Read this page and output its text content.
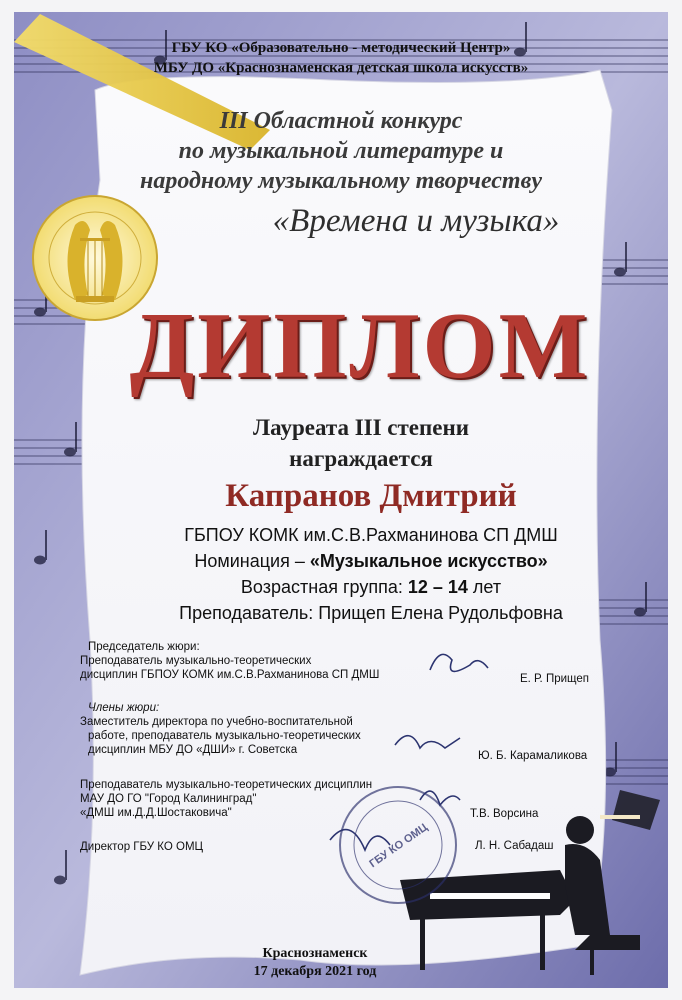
ГБУ КО «Образовательно - методический Центр»
МБУ ДО «Краснознаменская детская школа искусств»
III Областной конкурс
по музыкальной литературе и
народному музыкальному творчеству
«Времена и музыка»
ДИПЛОМ
Лауреата III степени
награждается
Капранов Дмитрий
ГБПОУ КОМК им.С.В.Рахманинова СП ДМШ
Номинация – «Музыкальное искусство»
Возрастная группа: 12 – 14 лет
Преподаватель: Прищеп Елена Рудольфовна
Председатель жюри:
Преподаватель музыкально-теоретических
дисциплин ГБПОУ КОМК им.С.В.Рахманинова СП ДМШ	Е. Р. Прищеп
Члены жюри:
Заместитель директора по учебно-воспитательной
работе, преподаватель музыкально-теоретических
дисциплин МБУ ДО «ДШИ» г. Советска	Ю. Б. Карамаликова
Преподаватель музыкально-теоретических дисциплин
МАУ ДО ГО "Город Калининград"
«ДМШ им.Д.Д.Шостаковича"	Т.В. Ворсина
Директор ГБУ КО ОМЦ	Л. Н. Сабадаш
ГБУ КО ОМЦ
Краснознаменск
17 декабря 2021 год
